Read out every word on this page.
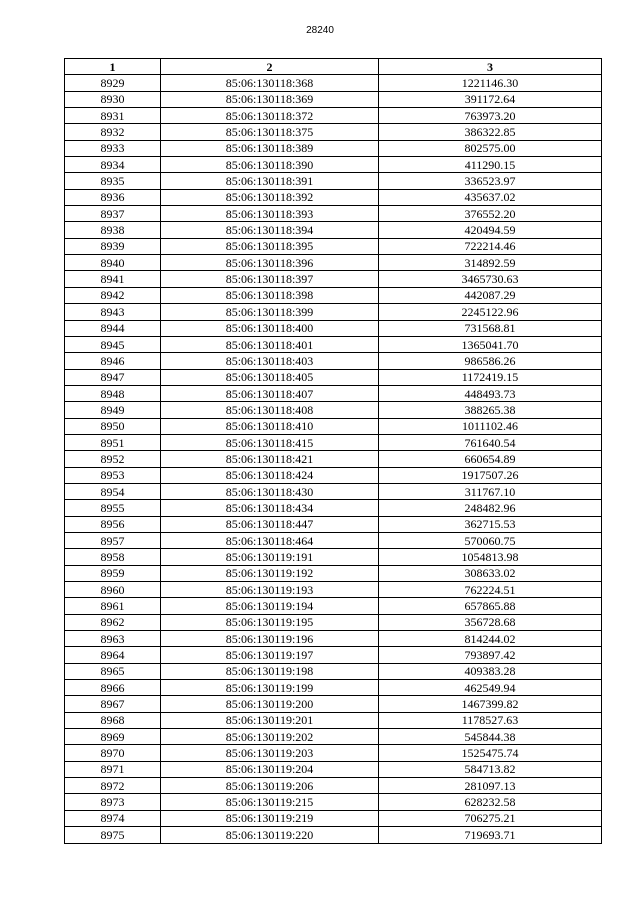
28240
1	2	3
8929	85:06:130118:368	1221146.30
8930	85:06:130118:369	391172.64
8931	85:06:130118:372	763973.20
8932	85:06:130118:375	386322.85
8933	85:06:130118:389	802575.00
8934	85:06:130118:390	411290.15
8935	85:06:130118:391	336523.97
8936	85:06:130118:392	435637.02
8937	85:06:130118:393	376552.20
8938	85:06:130118:394	420494.59
8939	85:06:130118:395	722214.46
8940	85:06:130118:396	314892.59
8941	85:06:130118:397	3465730.63
8942	85:06:130118:398	442087.29
8943	85:06:130118:399	2245122.96
8944	85:06:130118:400	731568.81
8945	85:06:130118:401	1365041.70
8946	85:06:130118:403	986586.26
8947	85:06:130118:405	1172419.15
8948	85:06:130118:407	448493.73
8949	85:06:130118:408	388265.38
8950	85:06:130118:410	1011102.46
8951	85:06:130118:415	761640.54
8952	85:06:130118:421	660654.89
8953	85:06:130118:424	1917507.26
8954	85:06:130118:430	311767.10
8955	85:06:130118:434	248482.96
8956	85:06:130118:447	362715.53
8957	85:06:130118:464	570060.75
8958	85:06:130119:191	1054813.98
8959	85:06:130119:192	308633.02
8960	85:06:130119:193	762224.51
8961	85:06:130119:194	657865.88
8962	85:06:130119:195	356728.68
8963	85:06:130119:196	814244.02
8964	85:06:130119:197	793897.42
8965	85:06:130119:198	409383.28
8966	85:06:130119:199	462549.94
8967	85:06:130119:200	1467399.82
8968	85:06:130119:201	1178527.63
8969	85:06:130119:202	545844.38
8970	85:06:130119:203	1525475.74
8971	85:06:130119:204	584713.82
8972	85:06:130119:206	281097.13
8973	85:06:130119:215	628232.58
8974	85:06:130119:219	706275.21
8975	85:06:130119:220	719693.71
